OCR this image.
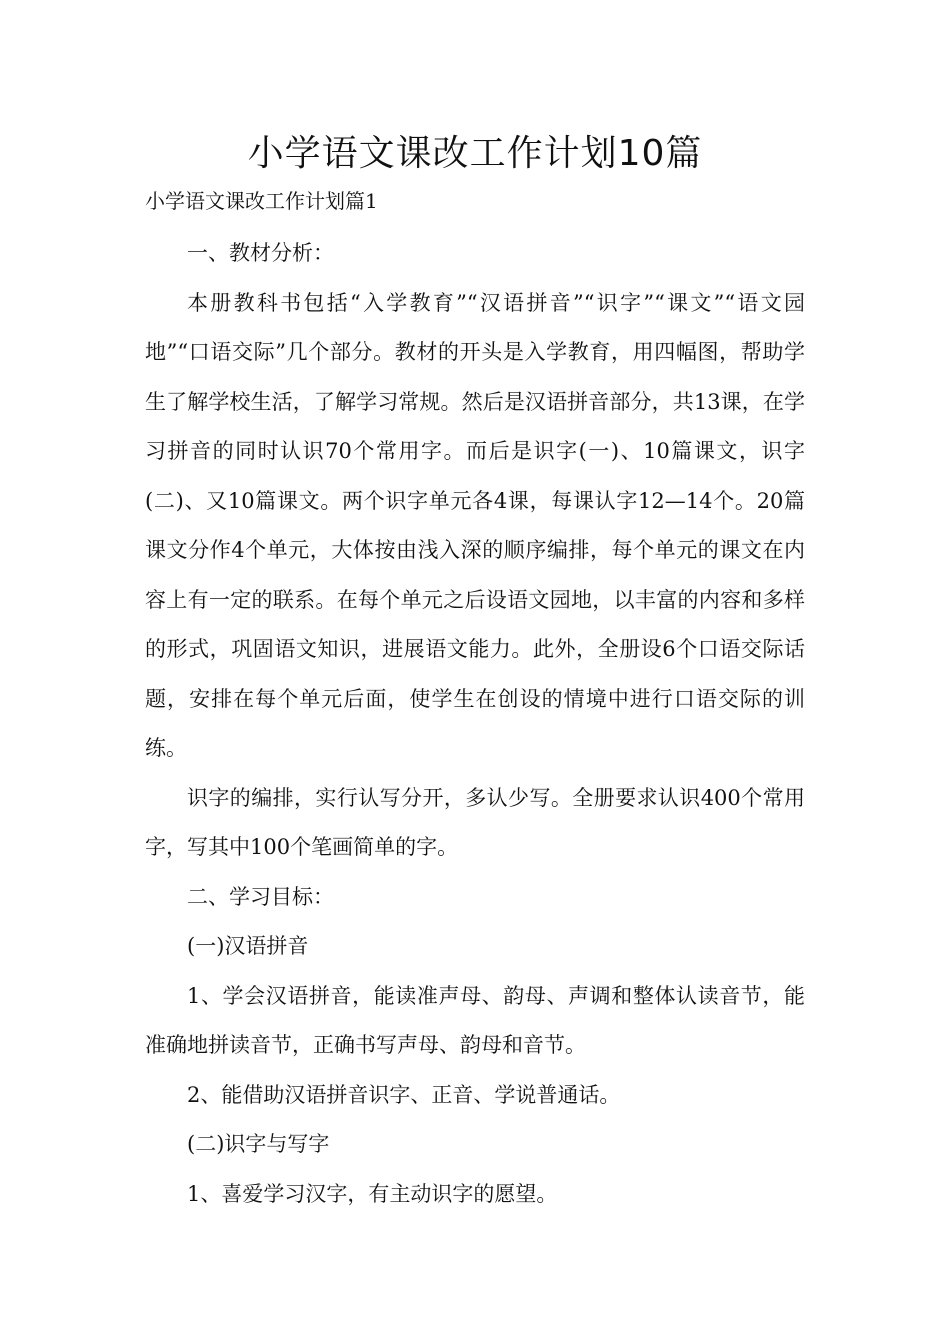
小学语文课改工作计划10篇

小学语文课改工作计划篇1

一、教材分析：

本册教科书包括“入学教育”“汉语拼音”“识字”“课文”“语文园地”“口语交际”几个部分。教材的开头是入学教育，用四幅图，帮助学生了解学校生活，了解学习常规。然后是汉语拼音部分，共13课，在学习拼音的同时认识70个常用字。而后是识字(一)、10篇课文，识字(二)、又10篇课文。两个识字单元各4课，每课认字12—14个。20篇课文分作4个单元，大体按由浅入深的顺序编排，每个单元的课文在内容上有一定的联系。在每个单元之后设语文园地，以丰富的内容和多样的形式，巩固语文知识，进展语文能力。此外，全册设6个口语交际话题，安排在每个单元后面，使学生在创设的情境中进行口语交际的训练。

识字的编排，实行认写分开，多认少写。全册要求认识400个常用字，写其中100个笔画简单的字。

二、学习目标：

(一)汉语拼音

1、学会汉语拼音，能读准声母、韵母、声调和整体认读音节，能准确地拼读音节，正确书写声母、韵母和音节。

2、能借助汉语拼音识字、正音、学说普通话。

(二)识字与写字

1、喜爱学习汉字，有主动识字的愿望。
